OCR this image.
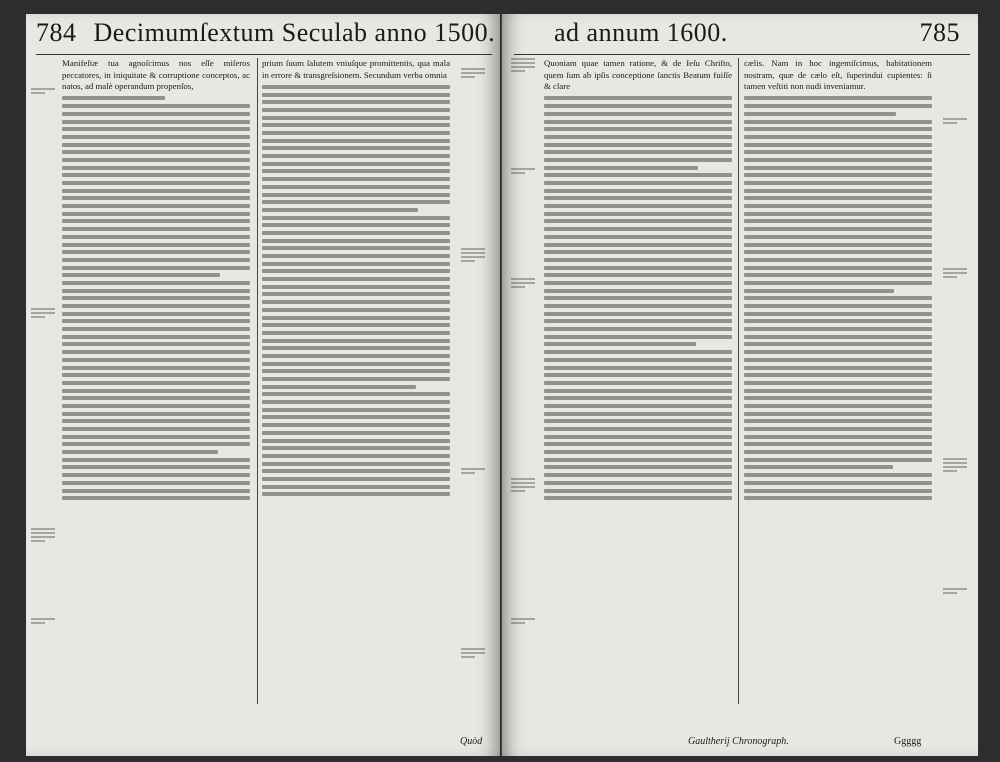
784 Decimumſextum Seculab anno 1500.

Manifeſtæ tua agnoſcimus nos eſſe miſeros peccatores, in iniquitate & corruptione conceptos, ac natos, ad malè operandum propenſos,

prium ſuum ſalutem vniuſque promittentis, qua mala in errore & transgreſsionem. Secundum verba omnia

Quòd
ad annum 1600.	785

Quoniam quae tamen ratione, & de Ieſu Chriſto, quem ſum ab ipſis conceptione ſanctis Beatum fuiſſe & clare

cælis. Nam in hoc ingemiſcimus, habitationem nostram, quæ de cælo eſt, ſuperindui cupientes: ſi tamen veſtiti non nudi inveniamur.

Gaultherij Chronograph.	Ggggg
